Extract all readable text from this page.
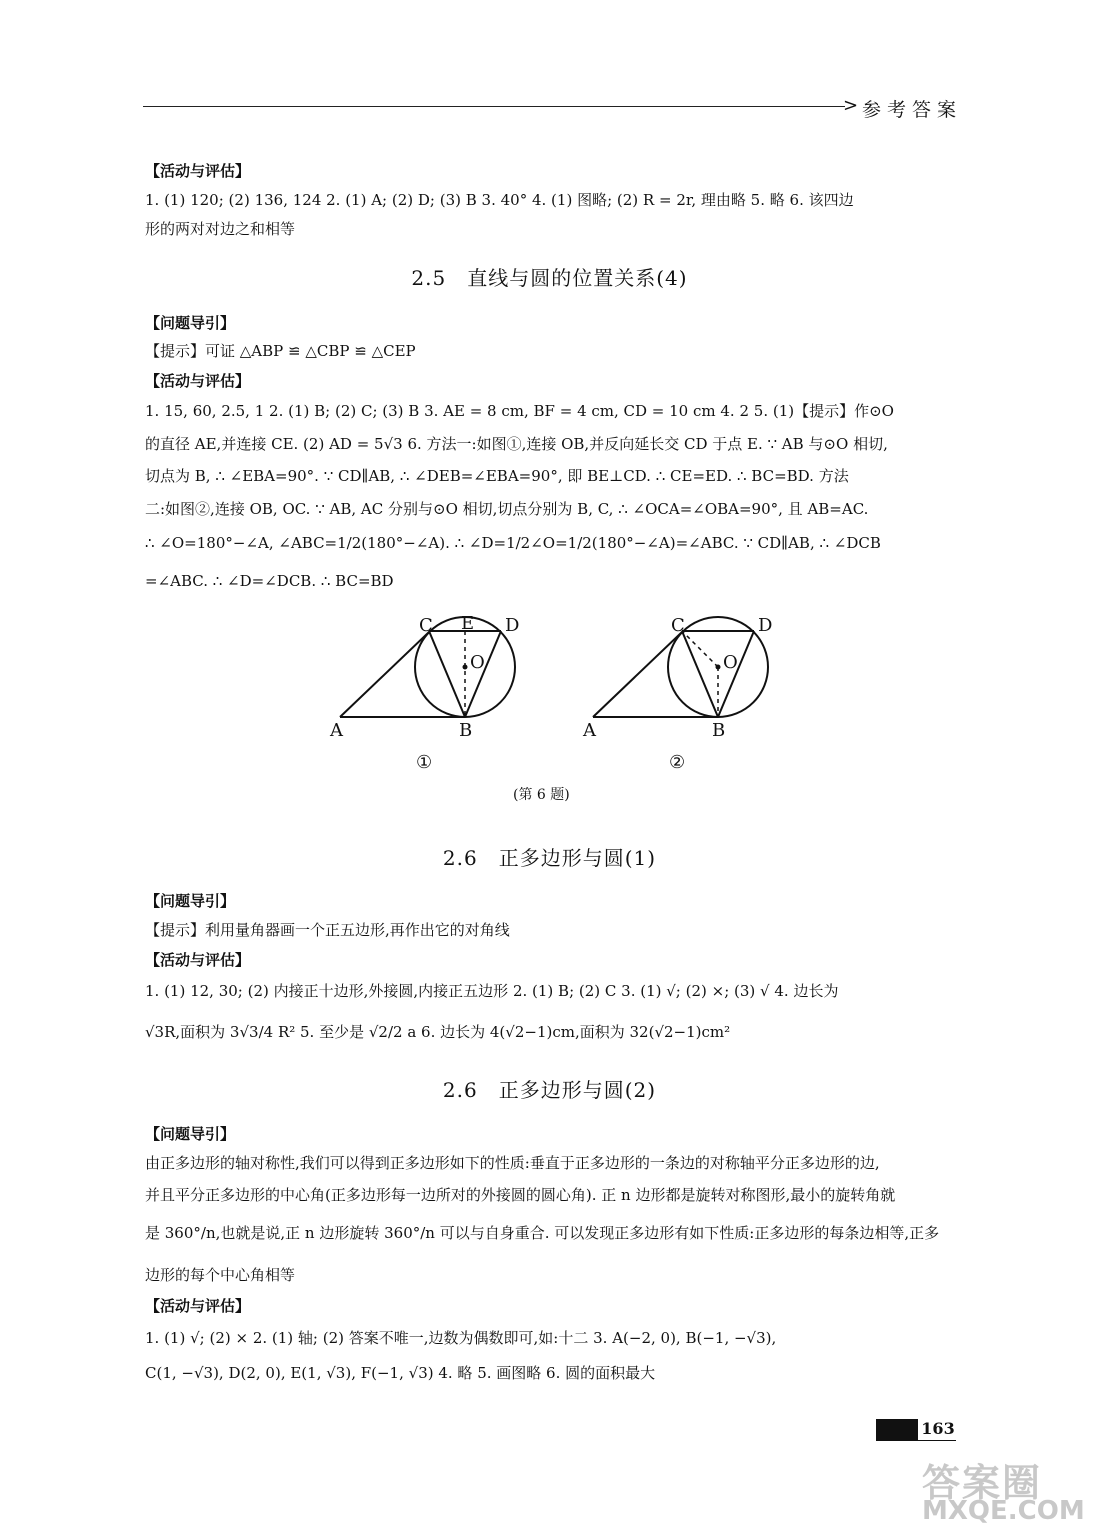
> 参考答案
【活动与评估】
1. (1) 120; (2) 136, 124 2. (1) A; (2) D; (3) B 3. 40° 4. (1) 图略; (2) R = 2r, 理由略 5. 略 6. 该四边
形的两对对边之和相等
2.5　直线与圆的位置关系(4)
【问题导引】
【提示】可证 △ABP ≌ △CBP ≌ △CEP
【活动与评估】
1. 15, 60, 2.5, 1 2. (1) B; (2) C; (3) B 3. AE = 8 cm, BF = 4 cm, CD = 10 cm 4. 2 5. (1)【提示】作⊙O
的直径 AE,并连接 CE. (2) AD = 5√3 6. 方法一:如图①,连接 OB,并反向延长交 CD 于点 E. ∵ AB 与⊙O 相切,
切点为 B, ∴ ∠EBA=90°. ∵ CD∥AB, ∴ ∠DEB=∠EBA=90°, 即 BE⊥CD. ∴ CE=ED. ∴ BC=BD. 方法
二:如图②,连接 OB, OC. ∵ AB, AC 分别与⊙O 相切,切点分别为 B, C, ∴ ∠OCA=∠OBA=90°, 且 AB=AC.
∴ ∠O=180°−∠A, ∠ABC=1/2(180°−∠A). ∴ ∠D=1/2∠O=1/2(180°−∠A)=∠ABC. ∵ CD∥AB, ∴ ∠DCB
=∠ABC. ∴ ∠D=∠DCB. ∴ BC=BD
C E D
O
A	B
①
C	D
O
A	B
②
(第 6 题)
2.6　正多边形与圆(1)
【问题导引】
【提示】利用量角器画一个正五边形,再作出它的对角线
【活动与评估】
1. (1) 12, 30; (2) 内接正十边形,外接圆,内接正五边形 2. (1) B; (2) C 3. (1) √; (2) ×; (3) √ 4. 边长为
√3R,面积为 3√3/4 R² 5. 至少是 √2/2 a 6. 边长为 4(√2−1)cm,面积为 32(√2−1)cm²
2.6　正多边形与圆(2)
【问题导引】
由正多边形的轴对称性,我们可以得到正多边形如下的性质:垂直于正多边形的一条边的对称轴平分正多边形的边,
并且平分正多边形的中心角(正多边形每一边所对的外接圆的圆心角). 正 n 边形都是旋转对称图形,最小的旋转角就
是 360°/n,也就是说,正 n 边形旋转 360°/n 可以与自身重合. 可以发现正多边形有如下性质:正多边形的每条边相等,正多
边形的每个中心角相等
【活动与评估】
1. (1) √; (2) × 2. (1) 轴; (2) 答案不唯一,边数为偶数即可,如:十二 3. A(−2, 0), B(−1, −√3),
C(1, −√3), D(2, 0), E(1, √3), F(−1, √3) 4. 略 5. 画图略 6. 圆的面积最大
163
答案圈
MXQE.COM
